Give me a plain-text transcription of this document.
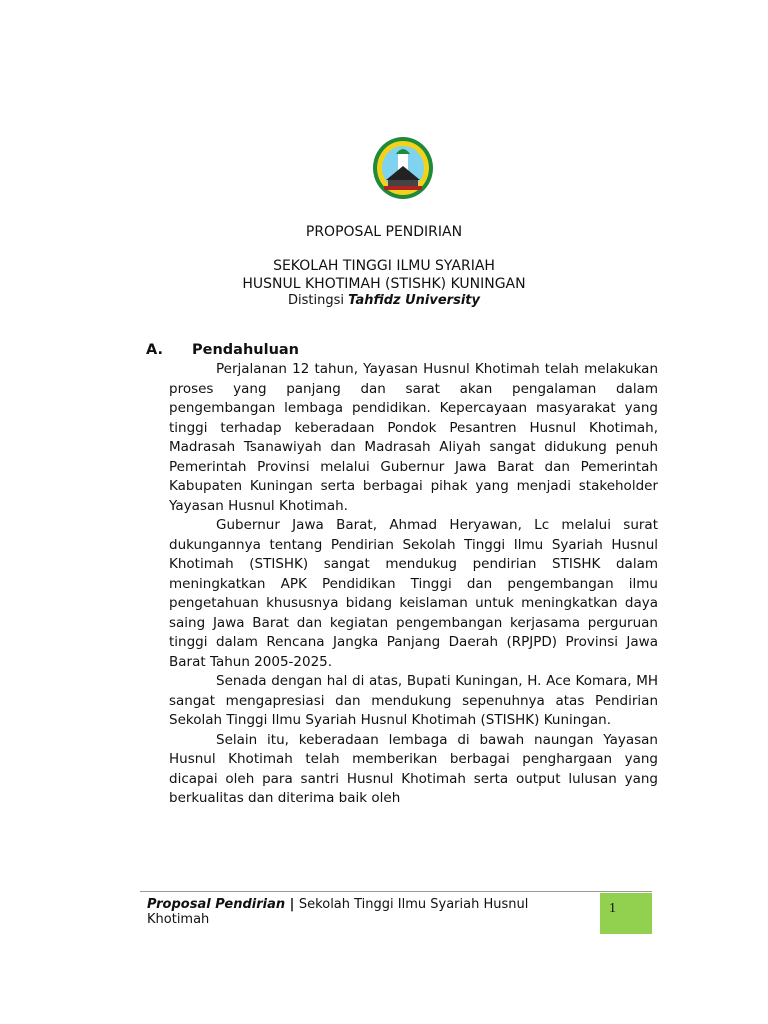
PROPOSAL PENDIRIAN
SEKOLAH TINGGI ILMU SYARIAH
HUSNUL KHOTIMAH (STISHK) KUNINGAN
Distingsi Tahfidz University
A. Pendahuluan

Perjalanan 12 tahun, Yayasan Husnul Khotimah telah melakukan proses yang panjang dan sarat akan pengalaman dalam pengembangan lembaga pendidikan. Kepercayaan masyarakat yang tinggi terhadap keberadaan Pondok Pesantren Husnul Khotimah, Madrasah Tsanawiyah dan Madrasah Aliyah sangat didukung penuh Pemerintah Provinsi melalui Gubernur Jawa Barat dan Pemerintah Kabupaten Kuningan serta berbagai pihak yang menjadi stakeholder Yayasan Husnul Khotimah.

Gubernur Jawa Barat, Ahmad Heryawan, Lc melalui surat dukungannya tentang Pendirian Sekolah Tinggi Ilmu Syariah Husnul Khotimah (STISHK) sangat mendukug pendirian STISHK dalam meningkatkan APK Pendidikan Tinggi dan pengembangan ilmu pengetahuan khususnya bidang keislaman untuk meningkatkan daya saing Jawa Barat dan kegiatan pengembangan kerjasama perguruan tinggi dalam Rencana Jangka Panjang Daerah (RPJPD) Provinsi Jawa Barat Tahun 2005-2025.

Senada dengan hal di atas, Bupati Kuningan, H. Ace Komara, MH sangat mengapresiasi dan mendukung sepenuhnya atas Pendirian Sekolah Tinggi Ilmu Syariah Husnul Khotimah (STISHK) Kuningan.

Selain itu, keberadaan lembaga di bawah naungan Yayasan Husnul Khotimah telah memberikan berbagai penghargaan yang dicapai oleh para santri Husnul Khotimah serta output lulusan yang berkualitas dan diterima baik oleh

Proposal Pendirian | Sekolah Tinggi Ilmu Syariah Husnul Khotimah
1
